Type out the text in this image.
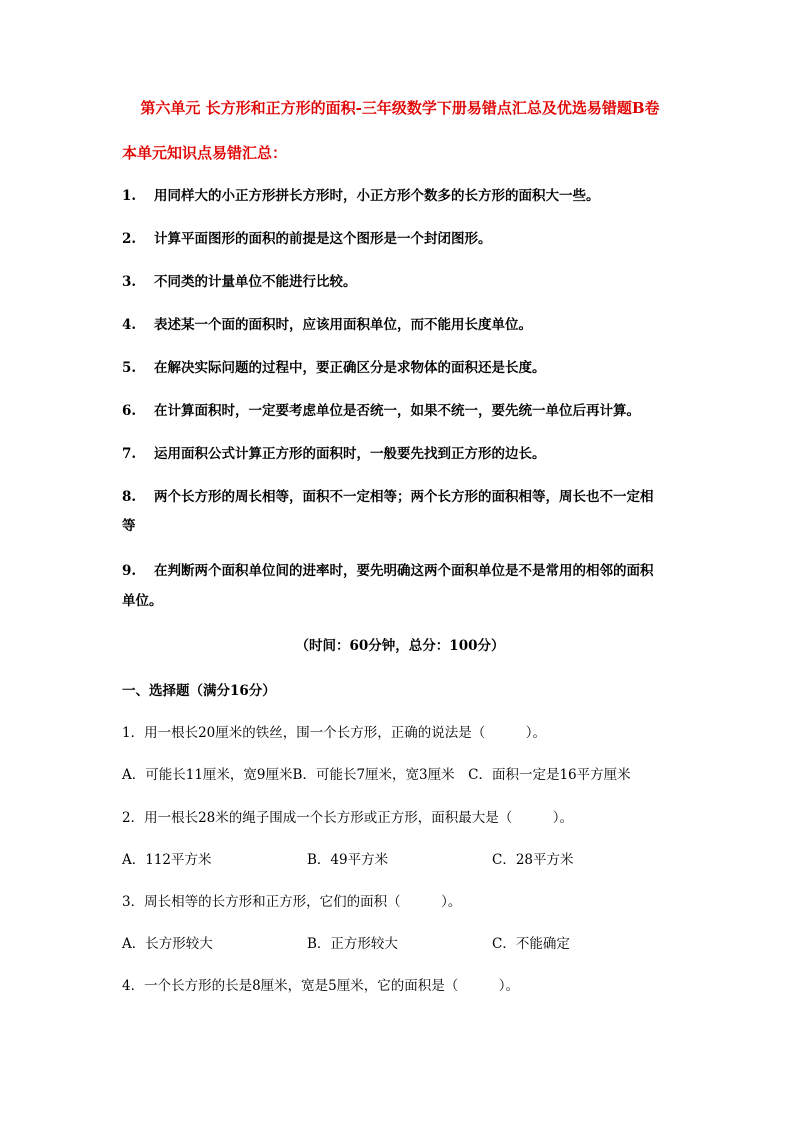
第六单元 长方形和正方形的面积-三年级数学下册易错点汇总及优选易错题B卷
本单元知识点易错汇总：
1. 用同样大的小正方形拼长方形时，小正方形个数多的长方形的面积大一些。
2. 计算平面图形的面积的前提是这个图形是一个封闭图形。
3. 不同类的计量单位不能进行比较。
4. 表述某一个面的面积时，应该用面积单位，而不能用长度单位。
5. 在解决实际问题的过程中，要正确区分是求物体的面积还是长度。
6. 在计算面积时，一定要考虑单位是否统一，如果不统一，要先统一单位后再计算。
7. 运用面积公式计算正方形的面积时，一般要先找到正方形的边长。
8. 两个长方形的周长相等，面积不一定相等；两个长方形的面积相等，周长也不一定相
等
9. 在判断两个面积单位间的进率时，要先明确这两个面积单位是不是常用的相邻的面积
单位。
（时间：60分钟，总分：100分）
一、选择题（满分16分）
1．用一根长20厘米的铁丝，围一个长方形，正确的说法是（　　　）。
A．可能长11厘米，宽9厘米B．可能长7厘米，宽3厘米　 C．面积一定是16平方厘米
2．用一根长28米的绳子围成一个长方形或正方形，面积最大是（　　　）。
A．112平方米	B．49平方米	C．28平方米
3．周长相等的长方形和正方形，它们的面积（　　　）。
A．长方形较大	B．正方形较大	C．不能确定
4．一个长方形的长是8厘米，宽是5厘米，它的面积是（　　　）。
